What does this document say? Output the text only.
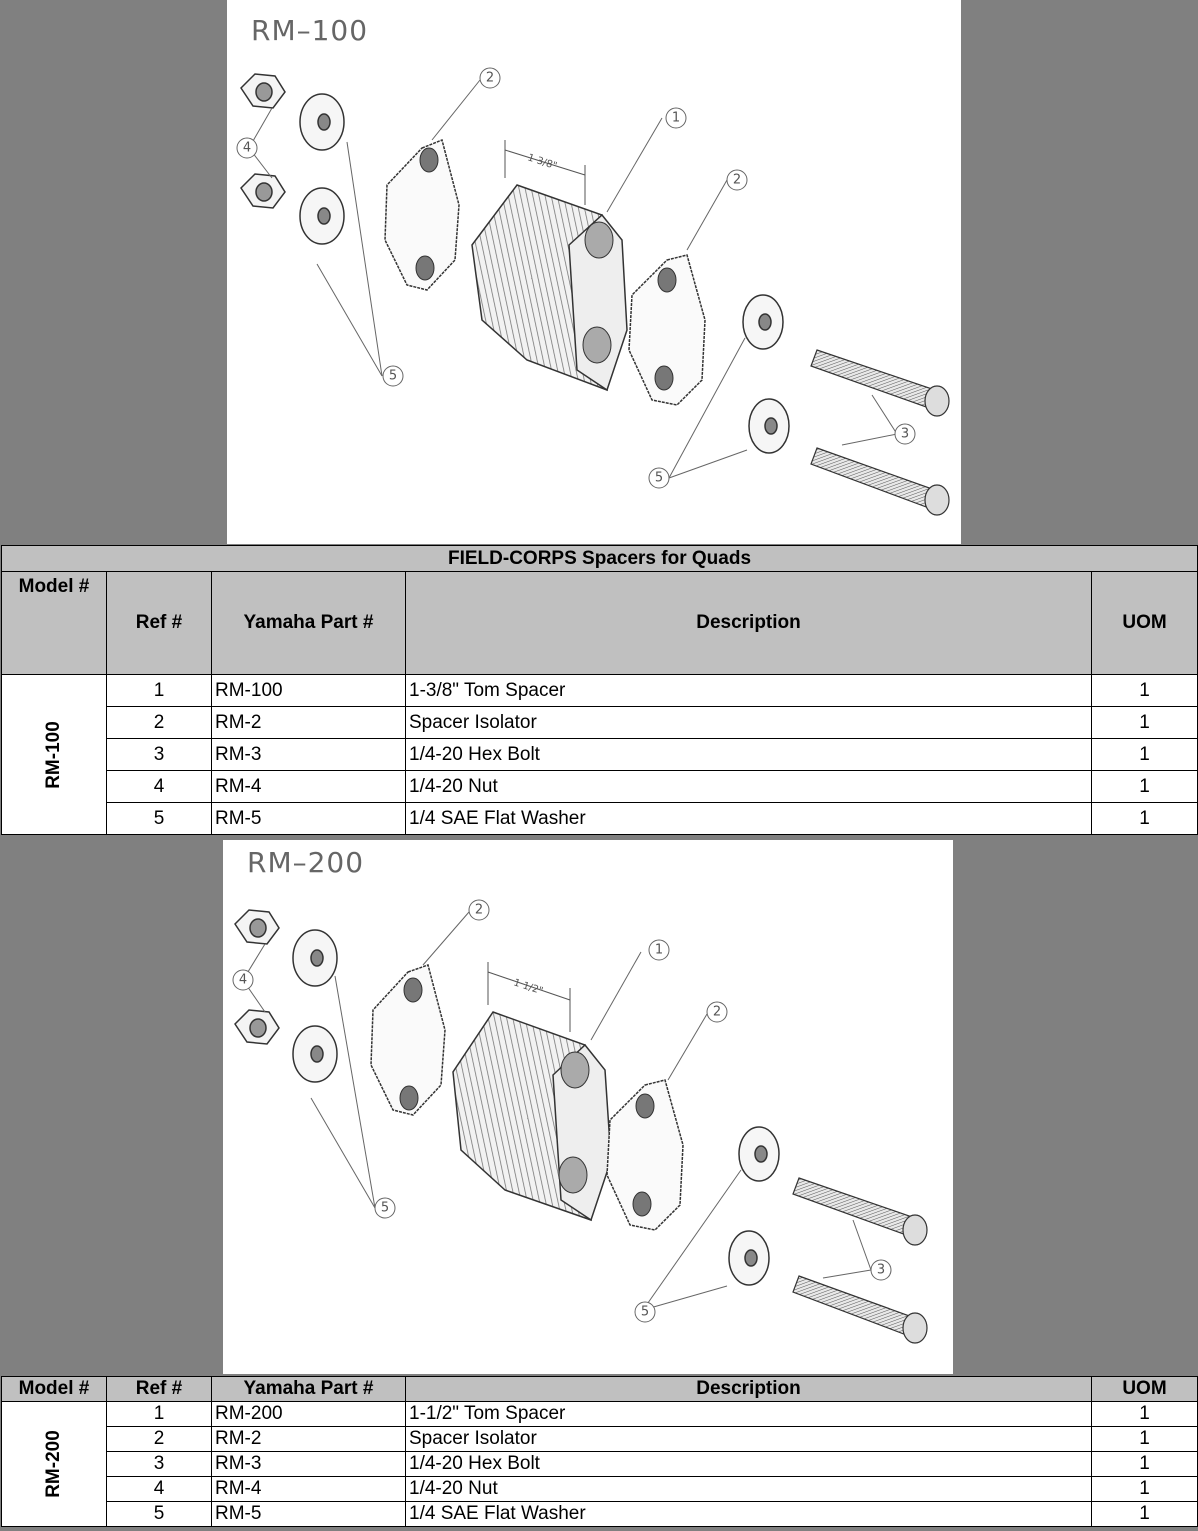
RM–100
1 3/8"
2
1
2
3
4
5
5
FIELD-CORPS Spacers for Quads				
Model #	Ref #	Yamaha Part #	Description	UOM
RM-100	1	RM-100	1-3/8" Tom Spacer	1
	2	RM-2	Spacer Isolator	1
	3	RM-3	1/4-20 Hex Bolt	1
	4	RM-4	1/4-20 Nut	1
	5	RM-5	1/4 SAE Flat Washer	1
RM–200
1 1/2"
2
1
2
3
4
5
5
Model #	Ref #	Yamaha Part #	Description	UOM
RM-200	1	RM-200	1-1/2" Tom Spacer	1
	2	RM-2	Spacer Isolator	1
	3	RM-3	1/4-20 Hex Bolt	1
	4	RM-4	1/4-20 Nut	1
	5	RM-5	1/4 SAE Flat Washer	1
